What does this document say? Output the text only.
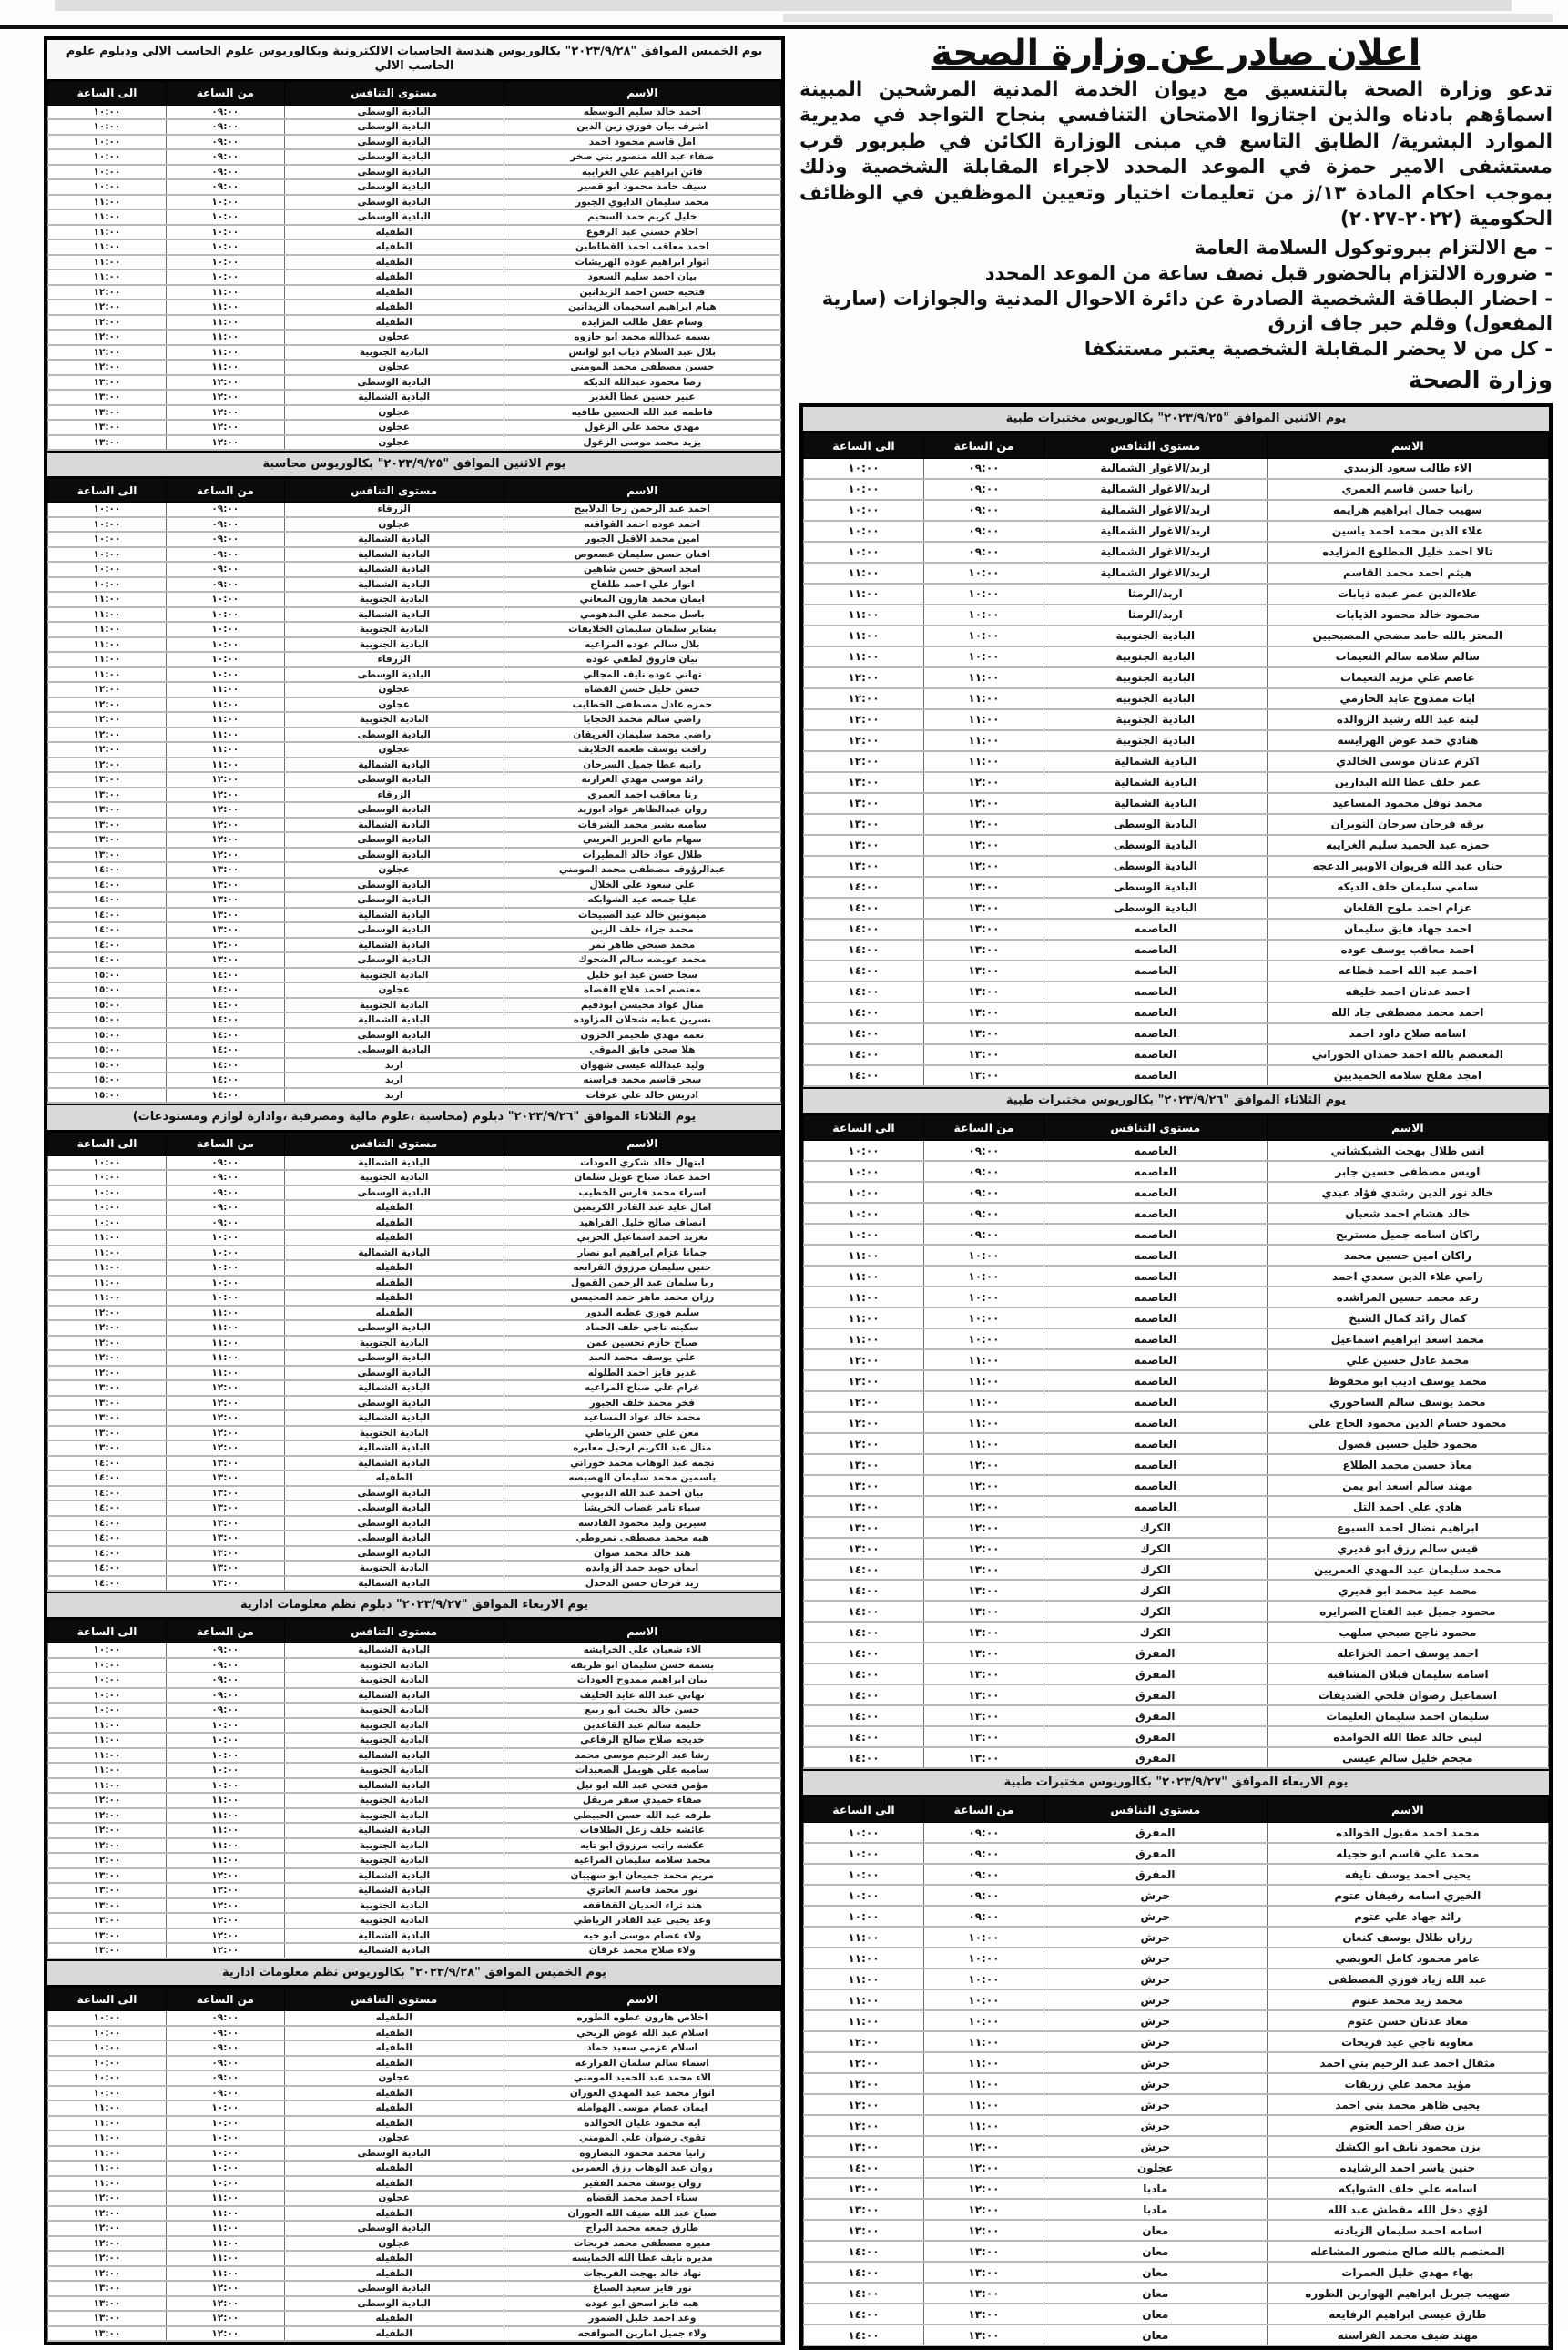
يوم الخميس الموافق "٢٠٢٣/٩/٢٨" بكالوريوس هندسة الحاسبات الالكترونية وبكالوريوس علوم الحاسب الالي ودبلوم علوم الحاسب الالي
الاسم	مستوى التنافس	من الساعة	الى الساعة
احمد خالد سليم البوسطه	البادية الوسطى	٠٩:٠٠	١٠:٠٠
اشرف بيان فوزي زين الدين	البادية الوسطى	٠٩:٠٠	١٠:٠٠
امل قاسم محمود احمد	البادية الوسطى	٠٩:٠٠	١٠:٠٠
صفاء عبد الله منصور بني صخر	البادية الوسطى	٠٩:٠٠	١٠:٠٠
فاتن ابراهيم علي الغرايبه	البادية الوسطى	٠٩:٠٠	١٠:٠٠
سيف حامد محمود ابو قصير	البادية الوسطى	٠٩:٠٠	١٠:٠٠
محمد سليمان الدايوي الجبور	البادية الوسطى	١٠:٠٠	١١:٠٠
خليل كريم حمد السحيم	البادية الوسطى	١٠:٠٠	١١:٠٠
احلام حسني عبد الرقوع	الطفيله	١٠:٠٠	١١:٠٠
احمد معاقب احمد القطاطين	الطفيله	١٠:٠٠	١١:٠٠
انوار ابراهيم عوده الهريشات	الطفيله	١٠:٠٠	١١:٠٠
بيان احمد سليم السعود	الطفيله	١٠:٠٠	١١:٠٠
فتحيه حسن احمد الزيدانين	الطفيله	١١:٠٠	١٢:٠٠
هيام ابراهيم اسحيمان الزيدانين	الطفيله	١١:٠٠	١٢:٠٠
وسام عقل طالب المزايده	الطفيله	١١:٠٠	١٢:٠٠
بسمه عبدالله محمد ابو جازوه	عجلون	١١:٠٠	١٢:٠٠
بلال عبد السلام ذياب ابو لوانس	البادية الجنوبية	١١:٠٠	١٢:٠٠
حسين مصطفى محمد المومني	عجلون	١١:٠٠	١٢:٠٠
رضا محمود عبدالله الديكه	البادية الوسطى	١٢:٠٠	١٣:٠٠
عبير حسين عطا الغدير	البادية الشمالية	١٢:٠٠	١٣:٠٠
فاطمه عبد الله الحسين طافيه	عجلون	١٢:٠٠	١٣:٠٠
مهدي محمد علي الزغول	عجلون	١٢:٠٠	١٣:٠٠
يزيد محمد موسى الزغول	عجلون	١٢:٠٠	١٣:٠٠
يوم الاثنين الموافق "٢٠٢٣/٩/٢٥" بكالوريوس محاسبة
الاسم	مستوى التنافس	من الساعة	الى الساعة
احمد عبد الرحمن رجا الدلابيح	الزرقاء	٠٩:٠٠	١٠:٠٠
احمد عوده احمد القواقنه	عجلون	٠٩:٠٠	١٠:٠٠
امين محمد الاقبل الجبور	البادية الشمالية	٠٩:٠٠	١٠:٠٠
افنان حسن سليمان عصعوص	البادية الشمالية	٠٩:٠٠	١٠:٠٠
امجد اسحق حسن شاهين	البادية الشمالية	٠٩:٠٠	١٠:٠٠
انوار علي احمد طلفاح	البادية الشمالية	٠٩:٠٠	١٠:٠٠
ايمان محمد هارون المعاني	البادية الجنوبية	١٠:٠٠	١١:٠٠
باسل محمد علي البدهومي	البادية الشمالية	١٠:٠٠	١١:٠٠
بشاير سلمان سليمان الخلايفات	البادية الجنوبية	١٠:٠٠	١١:٠٠
بلال سالم عوده المراعيه	البادية الجنوبية	١٠:٠٠	١١:٠٠
بيان فاروق لطفي عوده	الزرقاء	١٠:٠٠	١١:٠٠
تهاني عوده نايف المجالي	البادية الوسطى	١٠:٠٠	١١:٠٠
حسن خليل حسن القضاه	عجلون	١١:٠٠	١٢:٠٠
حمزه عادل مصطفى الخطايب	عجلون	١١:٠٠	١٢:٠٠
راضي سالم محمد الحجايا	البادية الجنوبية	١١:٠٠	١٢:٠٠
راضي محمد سليمان الغريقان	البادية الوسطى	١١:٠٠	١٢:٠٠
رافت يوسف طعمه الخلايف	عجلون	١١:٠٠	١٢:٠٠
رانيه عطا جميل السرحان	البادية الشمالية	١١:٠٠	١٢:٠٠
رائد موسى مهدي الغرازنه	البادية الوسطى	١٢:٠٠	١٣:٠٠
رنا معاقب احمد العمري	الزرقاء	١٢:٠٠	١٣:٠٠
روان عبدالظاهر عواد ابوزيد	البادية الوسطى	١٢:٠٠	١٣:٠٠
ساميه بشير محمد الشرفات	البادية الشمالية	١٢:٠٠	١٣:٠٠
سهام مانع العزيز الغريني	البادية الوسطى	١٢:٠٠	١٣:٠٠
طلال عواد خالد المطيرات	البادية الوسطى	١٢:٠٠	١٣:٠٠
عبدالرؤوف مصطفى محمد المومني	عجلون	١٣:٠٠	١٤:٠٠
علي سعود علي الخلال	البادية الوسطى	١٣:٠٠	١٤:٠٠
عليا جمعه عيد الشوابكه	البادية الوسطى	١٣:٠٠	١٤:٠٠
ميمونين خالد عيد الصبيحات	البادية الشمالية	١٣:٠٠	١٤:٠٠
محمد جزاء خلف الزبن	البادية الوسطى	١٣:٠٠	١٤:٠٠
محمد صبحي طاهر نمر	البادية الشمالية	١٣:٠٠	١٤:٠٠
محمد عويضه سالم الضحوك	البادية الوسطى	١٣:٠٠	١٤:٠٠
سجا حسن عيد ابو خليل	البادية الجنوبية	١٤:٠٠	١٥:٠٠
معتصم احمد فلاح القضاه	عجلون	١٤:٠٠	١٥:٠٠
منال عواد محيسن ابودقيم	البادية الجنوبية	١٤:٠٠	١٥:٠٠
نسرين عطيه شحلان المزاوده	البادية الشمالية	١٤:٠٠	١٥:٠٠
نعمه مهدي طحيمر الخزون	البادية الوسطى	١٤:٠٠	١٥:٠٠
هلا صحن فايق الموقي	البادية الوسطى	١٤:٠٠	١٥:٠٠
وليد عبدالله عيسى شهوان	اربد	١٤:٠٠	١٥:٠٠
سحر قاسم محمد فراسنه	اربد	١٤:٠٠	١٥:٠٠
ادريس خالد علي عرفات	اربد	١٤:٠٠	١٥:٠٠
يوم الثلاثاء الموافق "٢٠٢٣/٩/٢٦" دبلوم (محاسبة ،علوم مالية ومصرفية ،وادارة لوازم ومستودعات)
الاسم	مستوى التنافس	من الساعة	الى الساعة
ابتهال خالد شكري العودات	البادية الشمالية	٠٩:٠٠	١٠:٠٠
احمد عماد صباح عويل سلمان	البادية الجنوبية	٠٩:٠٠	١٠:٠٠
اسراء محمد فارس الخطيب	البادية الوسطى	٠٩:٠٠	١٠:٠٠
امال عايد عبد القادر الكريمين	الطفيله	٠٩:٠٠	١٠:٠٠
انصاف صالح خليل الفراهيد	الطفيله	٠٩:٠٠	١٠:٠٠
تغريد احمد اسماعيل الحربي	الطفيله	١٠:٠٠	١١:٠٠
جمانا عزام ابراهيم ابو نصار	البادية الشمالية	١٠:٠٠	١١:٠٠
حنين سليمان مرزوق القرابعه	الطفيله	١٠:٠٠	١١:٠٠
ريا سلمان عبد الرحمن القمول	الطفيله	١٠:٠٠	١١:٠٠
رزان محمد ماهر حمد المحيسن	الطفيله	١٠:٠٠	١١:٠٠
سليم فوزي عطيه البدور	الطفيله	١١:٠٠	١٢:٠٠
سكينه ناجي خلف الحماد	البادية الوسطى	١١:٠٠	١٢:٠٠
صباح حازم تحسين عمن	البادية الجنوبية	١١:٠٠	١٢:٠٠
علي يوسف محمد العبد	البادية الوسطى	١١:٠٠	١٢:٠٠
غدير فايز احمد الطلوله	البادية الوسطى	١١:٠٠	١٢:٠٠
غرام علي صباح المراعيه	البادية الشمالية	١٢:٠٠	١٣:٠٠
فخر محمد خلف الجبور	البادية الوسطى	١٢:٠٠	١٣:٠٠
محمد خالد عواد المساعيد	البادية الشمالية	١٢:٠٠	١٣:٠٠
معن علي حسن الرياطي	البادية الجنوبية	١٢:٠٠	١٣:٠٠
منال عبد الكريم ارحيل معابره	البادية الشمالية	١٢:٠٠	١٣:٠٠
نجمه عبد الوهاب محمد خوراني	البادية الشمالية	١٣:٠٠	١٤:٠٠
ياسمين محمد سليمان الهصيصه	الطفيله	١٣:٠٠	١٤:٠٠
بيان احمد عبد الله الدبوبي	البادية الوسطى	١٣:٠٠	١٤:٠٠
سباء تامر غصاب الخريشا	البادية الوسطى	١٣:٠٠	١٤:٠٠
سيرين وليد محمود القادسه	البادية الوسطى	١٣:٠٠	١٤:٠٠
هبه محمد مصطفى نمروطي	البادية الوسطى	١٣:٠٠	١٤:٠٠
هند خالد محمد صوان	البادية الوسطى	١٣:٠٠	١٤:٠٠
ايمان جويد حمد الزوايده	البادية الجنوبية	١٣:٠٠	١٤:٠٠
زيد فرحان حسن الدحدل	البادية الشمالية	١٣:٠٠	١٤:٠٠
يوم الاربعاء الموافق "٢٠٢٣/٩/٢٧" دبلوم نظم معلومات ادارية
الاسم	مستوى التنافس	من الساعة	الى الساعة
الاء شعبان علي الخرابشه	البادية الشمالية	٠٩:٠٠	١٠:٠٠
بسمه حسن سليمان ابو طريفه	البادية الجنوبية	٠٩:٠٠	١٠:٠٠
بيان ابراهيم ممدوح العودات	البادية الجنوبية	٠٩:٠٠	١٠:٠٠
تهاني عبد الله عايد الخليف	البادية الشمالية	٠٩:٠٠	١٠:٠٠
حسن خالد بخيت ابو ربيع	البادية الجنوبية	٠٩:٠٠	١٠:٠٠
حليمه سالم عيد القاعدين	البادية الجنوبية	١٠:٠٠	١١:٠٠
خديجه صلاح صالح الرفاعي	البادية الجنوبية	١٠:٠٠	١١:٠٠
رشا عبد الرحيم موسى محمد	البادية الشمالية	١٠:٠٠	١١:٠٠
ساميه علي هويمل الصعيدات	البادية الجنوبية	١٠:٠٠	١١:٠٠
مؤمن فتحي عبد الله ابو نيل	البادية الشمالية	١٠:٠٠	١١:٠٠
صفاء حميدي سفر مريقل	البادية الجنوبية	١١:٠٠	١٢:٠٠
طرفه عبد الله حسن الحبيطي	البادية الجنوبية	١١:٠٠	١٢:٠٠
عائشه خلف زعل الطلافات	البادية الشمالية	١١:٠٠	١٢:٠٠
عكشه راتب مرزوق ابو تايه	البادية الجنوبية	١١:٠٠	١٢:٠٠
محمد سلامه سليمان المراعيه	البادية الجنوبية	١١:٠٠	١٢:٠٠
مريم محمد جميعان ابو سهيبان	البادية الشمالية	١٢:٠٠	١٣:٠٠
نور محمد قاسم العاتري	البادية الشمالية	١٢:٠٠	١٣:٠٠
هند ثراء العديان القفاقفه	البادية الجنوبية	١٢:٠٠	١٣:٠٠
وعد يحيى عبد القادر الرياطي	البادية الجنوبية	١٢:٠٠	١٣:٠٠
ولاء عصام موسى ابو حيه	البادية الشمالية	١٢:٠٠	١٣:٠٠
ولاء صلاح محمد غرقان	البادية الشمالية	١٢:٠٠	١٣:٠٠
يوم الخميس الموافق "٢٠٢٣/٩/٢٨" بكالوريوس نظم معلومات ادارية
الاسم	مستوى التنافس	من الساعة	الى الساعة
اخلاص هارون عطوه الطوره	الطفيله	٠٩:٠٠	١٠:٠٠
اسلام عبد الله عوض الريحي	الطفيله	٠٩:٠٠	١٠:٠٠
اسلام عزمي سعيد حماد	الطفيله	٠٩:٠٠	١٠:٠٠
اسماء سالم سلمان الفرارعه	الطفيله	٠٩:٠٠	١٠:٠٠
الاء محمد عبد الحميد المومني	عجلون	٠٩:٠٠	١٠:٠٠
انوار محمد عبد المهدي العوران	الطفيله	٠٩:٠٠	١٠:٠٠
ايمان عصام موسى الهوامله	الطفيله	١٠:٠٠	١١:٠٠
ايه محمود عليان الخوالده	الطفيله	١٠:٠٠	١١:٠٠
تقوى رضوان علي المومني	عجلون	١٠:٠٠	١١:٠٠
رانيا محمد محمود البصاروه	البادية الوسطى	١٠:٠٠	١١:٠٠
روان عبد الوهاب رزق العمرين	الطفيله	١٠:٠٠	١١:٠٠
روان يوسف محمد الفقير	الطفيله	١٠:٠٠	١١:٠٠
سناء احمد محمد القضاه	عجلون	١١:٠٠	١٢:٠٠
صباح عبد الله ضيف الله العوران	الطفيله	١١:٠٠	١٢:٠٠
طارق جمعه محمد البراج	البادية الوسطى	١١:٠٠	١٢:٠٠
منيره مصطفى محمد فريحات	عجلون	١١:٠٠	١٢:٠٠
مديره نايف عطا الله الخمايسه	الطفيله	١١:٠٠	١٢:٠٠
نهاد خالد بهجت الفريجات	الطفيله	١١:٠٠	١٢:٠٠
نور فايز سعيد الصباغ	البادية الوسطى	١٢:٠٠	١٣:٠٠
هبه فايز اسحق ابو عوده	البادية الوسطى	١٢:٠٠	١٣:٠٠
وعد احمد خليل الضمور	الطفيله	١٢:٠٠	١٣:٠٠
ولاء جميل امارين الصوافحه	الطفيله	١٢:٠٠	١٣:٠٠
اعلان صادر عن وزارة الصحة

تدعو وزارة الصحة بالتنسيق مع ديوان الخدمة المدنية المرشحين المبينة اسماؤهم بادناه والذين اجتازوا الامتحان التنافسي بنجاح التواجد في مديرية الموارد البشرية/ الطابق التاسع في مبنى الوزارة الكائن في طبربور قرب مستشفى الامير حمزة في الموعد المحدد لاجراء المقابلة الشخصية وذلك بموجب احكام المادة ١٣/ز من تعليمات اختيار وتعيين الموظفين في الوظائف الحكومية (٢٠٢٢-٢٠٢٧)

- مع الالتزام ببروتوكول السلامة العامة
- ضرورة الالتزام بالحضور قبل نصف ساعة من الموعد المحدد
- احضار البطاقة الشخصية الصادرة عن دائرة الاحوال المدنية والجوازات (سارية المفعول) وقلم حبر جاف ازرق
- كل من لا يحضر المقابلة الشخصية يعتبر مستنكفا
وزارة الصحة
يوم الاثنين الموافق "٢٠٢٣/٩/٢٥" بكالوريوس مختبرات طبية
الاسم	مستوى التنافس	من الساعة	الى الساعة
الاء طالب سعود الزبيدي	اربد/الاغوار الشمالية	٠٩:٠٠	١٠:٠٠
رانيا حسن قاسم العمري	اربد/الاغوار الشمالية	٠٩:٠٠	١٠:٠٠
سهيب جمال ابراهيم هزايمه	اربد/الاغوار الشمالية	٠٩:٠٠	١٠:٠٠
علاء الدين محمد احمد ياسين	اربد/الاغوار الشمالية	٠٩:٠٠	١٠:٠٠
تالا احمد خليل المطلوع المزايده	اربد/الاغوار الشمالية	٠٩:٠٠	١٠:٠٠
هيثم احمد محمد القاسم	اربد/الاغوار الشمالية	١٠:٠٠	١١:٠٠
علاءالدين عمر عبده ذيابات	اربد/الرمثا	١٠:٠٠	١١:٠٠
محمود خالد محمود الذيابات	اربد/الرمثا	١٠:٠٠	١١:٠٠
المعتز بالله حامد مضحي المصبحيين	البادية الجنوبية	١٠:٠٠	١١:٠٠
سالم سلامه سالم النعيمات	البادية الجنوبية	١٠:٠٠	١١:٠٠
عاصم علي مزيد النعيمات	البادية الجنوبية	١١:٠٠	١٢:٠٠
ايات ممدوح عابد الحازمي	البادية الجنوبية	١١:٠٠	١٢:٠٠
لينه عبد الله رشيد الزوالده	البادية الجنوبية	١١:٠٠	١٢:٠٠
هنادي حمد عوض الهرايسه	البادية الجنوبية	١١:٠٠	١٢:٠٠
اكرم عدنان موسى الخالدي	البادية الشمالية	١١:٠٠	١٢:٠٠
عمر خلف عطا الله البدارين	البادية الشمالية	١٢:٠٠	١٣:٠٠
محمد نوفل محمود المساعيد	البادية الشمالية	١٢:٠٠	١٣:٠٠
برقه فرحان سرحان النويران	البادية الوسطى	١٢:٠٠	١٣:٠٠
حمزه عبد الحميد سليم الغرايبه	البادية الوسطى	١٢:٠٠	١٣:٠٠
حنان عبد الله فريوان الاوبير الدعجه	البادية الوسطى	١٢:٠٠	١٣:٠٠
سامي سليمان خلف الديكه	البادية الوسطى	١٣:٠٠	١٤:٠٠
عزام احمد ملوح القلعان	البادية الوسطى	١٣:٠٠	١٤:٠٠
احمد جهاد فايق سليمان	العاصمه	١٣:٠٠	١٤:٠٠
احمد معاقب يوسف عوده	العاصمه	١٣:٠٠	١٤:٠٠
احمد عبد الله احمد قطاعه	العاصمه	١٣:٠٠	١٤:٠٠
احمد عدنان احمد خليفه	العاصمه	١٣:٠٠	١٤:٠٠
احمد محمد مصطفى جاد الله	العاصمه	١٣:٠٠	١٤:٠٠
اسامه صلاح داود احمد	العاصمه	١٣:٠٠	١٤:٠٠
المعتصم بالله احمد حمدان الحوراني	العاصمه	١٣:٠٠	١٤:٠٠
امجد مفلح سلامه الحميديين	العاصمه	١٣:٠٠	١٤:٠٠
يوم الثلاثاء الموافق "٢٠٢٣/٩/٢٦" بكالوريوس مختبرات طبية
الاسم	مستوى التنافس	من الساعة	الى الساعة
انس طلال بهجت الشيكشاني	العاصمه	٠٩:٠٠	١٠:٠٠
اويس مصطفى حسين جابر	العاصمه	٠٩:٠٠	١٠:٠٠
خالد نور الدين رشدي فؤاد عبدي	العاصمه	٠٩:٠٠	١٠:٠٠
خالد هشام احمد شعبان	العاصمه	٠٩:٠٠	١٠:٠٠
راكان اسامه جميل مستريح	العاصمه	٠٩:٠٠	١٠:٠٠
راكان امين حسين محمد	العاصمه	١٠:٠٠	١١:٠٠
رامي علاء الدين سعدي احمد	العاصمه	١٠:٠٠	١١:٠٠
رعد محمد حسين المراشده	العاصمه	١٠:٠٠	١١:٠٠
كمال رائد كمال الشيخ	العاصمه	١٠:٠٠	١١:٠٠
محمد اسعد ابراهيم اسماعيل	العاصمه	١٠:٠٠	١١:٠٠
محمد عادل حسين علي	العاصمه	١١:٠٠	١٢:٠٠
محمد يوسف اديب ابو محفوظ	العاصمه	١١:٠٠	١٢:٠٠
محمد يوسف سالم الساحوري	العاصمه	١١:٠٠	١٢:٠٠
محمود حسام الدين محمود الحاج علي	العاصمه	١١:٠٠	١٢:٠٠
محمود خليل حسين قصول	العاصمه	١١:٠٠	١٢:٠٠
معاذ حسين محمد الطلاع	العاصمه	١٢:٠٠	١٣:٠٠
مهند سالم اسعد ابو يمن	العاصمه	١٢:٠٠	١٣:٠٠
هادي علي احمد التل	العاصمه	١٢:٠٠	١٣:٠٠
ابراهيم نضال احمد السبوع	الكرك	١٢:٠٠	١٣:٠٠
قيس سالم رزق ابو قديري	الكرك	١٢:٠٠	١٣:٠٠
محمد سليمان عبد المهدي العمريين	الكرك	١٣:٠٠	١٤:٠٠
محمد عيد محمد ابو قديري	الكرك	١٣:٠٠	١٤:٠٠
محمود جميل عبد الفتاح الصرايره	الكرك	١٣:٠٠	١٤:٠٠
محمود ناجح صبحي سلهب	الكرك	١٣:٠٠	١٤:٠٠
احمد يوسف احمد الخزاعله	المفرق	١٣:٠٠	١٤:٠٠
اسامه سليمان قبلان المشاقبه	المفرق	١٣:٠٠	١٤:٠٠
اسماعيل رضوان فلحي الشديفات	المفرق	١٣:٠٠	١٤:٠٠
سليمان احمد سليمان العليمات	المفرق	١٣:٠٠	١٤:٠٠
لبنى خالد عطا الله الحوامده	المفرق	١٣:٠٠	١٤:٠٠
مجحم خليل سالم عيسى	المفرق	١٣:٠٠	١٤:٠٠
يوم الاربعاء الموافق "٢٠٢٣/٩/٢٧" بكالوريوس مختبرات طبية
الاسم	مستوى التنافس	من الساعة	الى الساعة
محمد احمد مقبول الخوالده	المفرق	٠٩:٠٠	١٠:٠٠
محمد علي قاسم ابو حجيله	المفرق	٠٩:٠٠	١٠:٠٠
يحيى احمد يوسف نايفه	المفرق	٠٩:٠٠	١٠:٠٠
الخيري اسامه رفيفان عتوم	جرش	٠٩:٠٠	١٠:٠٠
رائد جهاد علي عتوم	جرش	٠٩:٠٠	١٠:٠٠
رزان طلال يوسف كنعان	جرش	١٠:٠٠	١١:٠٠
عامر محمود كامل العويصي	جرش	١٠:٠٠	١١:٠٠
عبد الله زياد فوزي المصطفى	جرش	١٠:٠٠	١١:٠٠
محمد زيد محمد عتوم	جرش	١٠:٠٠	١١:٠٠
معاذ عدنان حسن عتوم	جرش	١٠:٠٠	١١:٠٠
معاويه ناجي عيد فريحات	جرش	١١:٠٠	١٢:٠٠
مثقال احمد عبد الرحيم بني احمد	جرش	١١:٠٠	١٢:٠٠
مؤيد محمد علي زريقات	جرش	١١:٠٠	١٢:٠٠
يحيى ظاهر محمد بني احمد	جرش	١١:٠٠	١٢:٠٠
يزن صقر احمد العتوم	جرش	١١:٠٠	١٢:٠٠
يزن محمود نايف ابو الكشك	جرش	١٢:٠٠	١٣:٠٠
حنين ياسر احمد الرشايده	عجلون	١٢:٠٠	١٤:٠٠
اسامه علي خلف الشوابكه	مادبا	١٢:٠٠	١٣:٠٠
لؤي دخل الله مقطش عبد الله	مادبا	١٢:٠٠	١٣:٠٠
اسامه احمد سليمان الزيادنه	معان	١٢:٠٠	١٣:٠٠
المعتصم بالله صالح منصور المشاعله	معان	١٣:٠٠	١٤:٠٠
بهاء مهدي خليل العمرات	معان	١٣:٠٠	١٤:٠٠
صهيب جبريل ابراهيم الهوارين الطوره	معان	١٣:٠٠	١٤:٠٠
طارق عيسى ابراهيم الرفايعه	معان	١٣:٠٠	١٤:٠٠
مهند ضيف محمد الفراسنه	معان	١٣:٠٠	١٤:٠٠
